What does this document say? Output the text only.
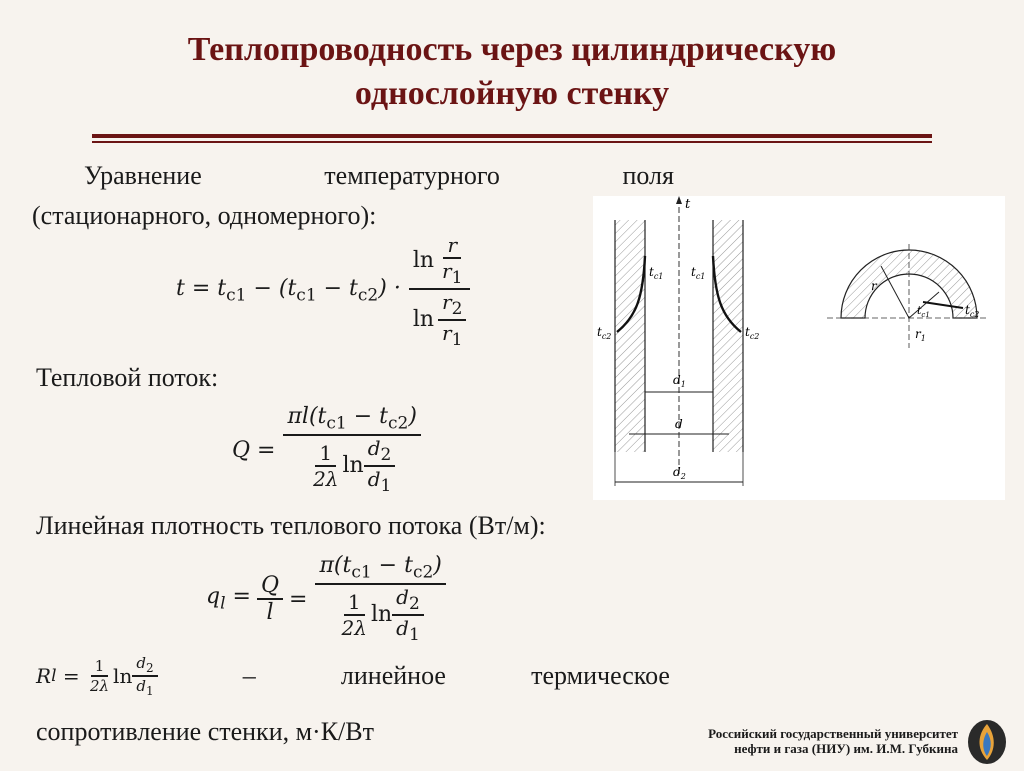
Теплопроводность через цилиндрическую
однослойную стенку
Уравнение	температурного	поля
(стационарного, одномерного):
$t = t_{c1} - (t_{c1} - t_{c2}) \cdot \frac{\ln \frac{r}{r_1}}{\ln \frac{r_2}{r_1}}$
Тепловой поток:
$Q = \frac{\pi l(t_{c1} - t_{c2})}{\frac{1}{2\lambda} \ln \frac{d_2}{d_1}}$
Линейная плотность теплового потока (Вт/м):
$q_l = \frac{Q}{l} = \frac{\pi(t_{c1} - t_{c2})}{\frac{1}{2\lambda} \ln \frac{d_2}{d_1}}$
R $l = \frac{1}{2\lambda}$ $\ln \frac{d_2}{d_1}$	–	линейное	термическое
сопротивление стенки, м·К/Вт
t
$t_{c1}$ $t_{c1}$
$t_{c2}$	$t_{c2}$
$d_1$
d
$d_2$
r
$r_1$
$t_{c1}$	$t_{c2}$
Российский государственный университет
нефти и газа (НИУ) им. И.М. Губкина
